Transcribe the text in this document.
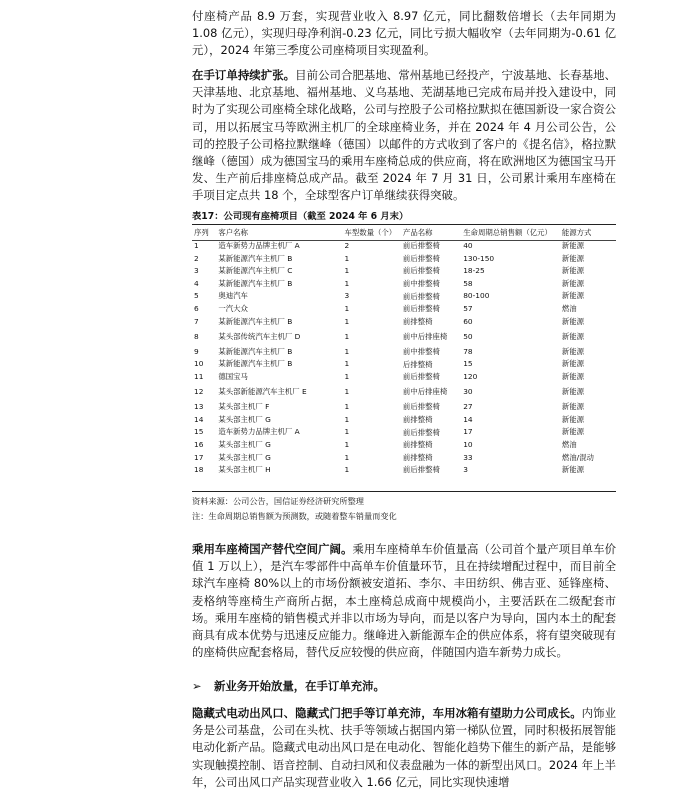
付座椅产品 8.9 万套，实现营业收入 8.97 亿元，同比翻数倍增长（去年同期为 1.08 亿元），实现归母净利润-0.23 亿元，同比亏损大幅收窄（去年同期为-0.61 亿元），2024 年第三季度公司座椅项目实现盈利。

在手订单持续扩张。目前公司合肥基地、常州基地已经投产，宁波基地、长春基地、天津基地、北京基地、福州基地、义乌基地、芜湖基地已完成布局并投入建设中，同时为了实现公司座椅全球化战略，公司与控股子公司格拉默拟在德国新设一家合资公司，用以拓展宝马等欧洲主机厂的全球座椅业务，并在 2024 年 4 月公司公告，公司的控股子公司格拉默继峰（德国）以邮件的方式收到了客户的《提名信》，格拉默继峰（德国）成为德国宝马的乘用车座椅总成的供应商，将在欧洲地区为德国宝马开发、生产前后排座椅总成产品。截至 2024 年 7 月 31 日，公司累计乘用车座椅在手项目定点共 18 个，全球型客户订单继续获得突破。

表17：公司现有座椅项目（截至 2024 年 6 月末）
序列	客户名称	车型数量（个）	产品名称	生命周期总销售额（亿元）	能源方式
1	造车新势力品牌主机厂 A	2	前后排整椅	40	新能源
2	某新能源汽车主机厂 B	1	前后排整椅	130-150	新能源
3	某新能源汽车主机厂 C	1	前后排整椅	18-25	新能源
4	某新能源汽车主机厂 B	1	前中排整椅	58	新能源
5	奥迪汽车	3	前后排整椅	80-100	新能源
6	一汽大众	1	前后排整椅	57	燃油
7	某新能源汽车主机厂 B	1	前排整椅	60	新能源
8	某头部传统汽车主机厂 D	1	前中后排座椅	50	新能源
9	某新能源汽车主机厂 B	1	前中排整椅	78	新能源
10	某新能源汽车主机厂 B	1	后排整椅	15	新能源
11	德国宝马	1	前后排整椅	120	新能源
12	某头部新能源汽车主机厂 E	1	前中后排座椅	30	新能源
13	某头部主机厂 F	1	前后排整椅	27	新能源
14	某头部主机厂 G	1	前排整椅	14	新能源
15	造车新势力品牌主机厂 A	1	前后排整椅	17	新能源
16	某头部主机厂 G	1	前排整椅	10	燃油
17	某头部主机厂 G	1	前排整椅	33	燃油/混动
18	某头部主机厂 H	1	前后排整椅	3	新能源
资料来源：公司公告，国信证券经济研究所整理
注：生命周期总销售额为预测数，或随着整车销量而变化

乘用车座椅国产替代空间广阔。乘用车座椅单车价值量高（公司首个量产项目单车价值 1 万以上），是汽车零部件中高单车价值量环节，且在持续增配过程中，而目前全球汽车座椅 80%以上的市场份额被安道拓、李尔、丰田纺织、佛吉亚、延锋座椅、麦格纳等座椅生产商所占据，本土座椅总成商中规模尚小，主要活跃在二级配套市场。乘用车座椅的销售模式并非以市场为导向，而是以客户为导向，国内本土的配套商具有成本优势与迅速反应能力。继峰进入新能源车企的供应体系，将有望突破现有的座椅供应配套格局，替代反应较慢的供应商，伴随国内造车新势力成长。

➢ 新业务开始放量，在手订单充沛。

隐藏式电动出风口、隐藏式门把手等订单充沛，车用冰箱有望助力公司成长。内饰业务是公司基盘，公司在头枕、扶手等领域占据国内第一梯队位置，同时积极拓展智能电动化新产品。隐藏式电动出风口是在电动化、智能化趋势下催生的新产品，是能够实现触摸控制、语音控制、自动扫风和仪表盘融为一体的新型出风口。2024 年上半年，公司出风口产品实现营业收入 1.66 亿元，同比实现快速增
